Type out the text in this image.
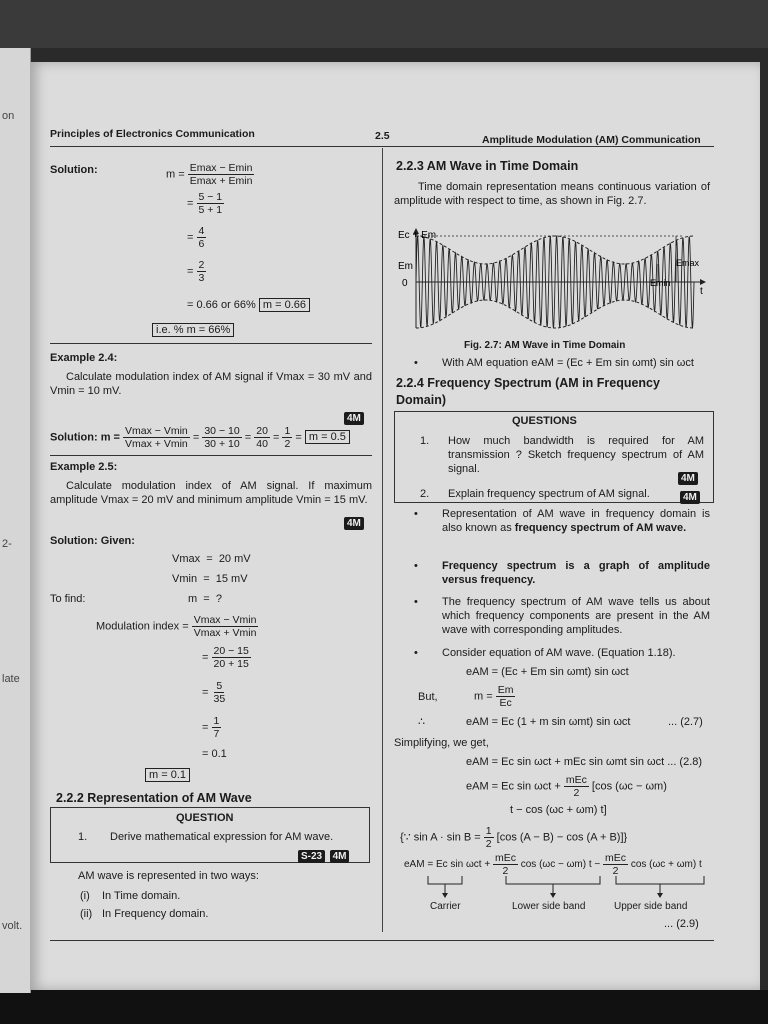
on
2-
late
volt.
Principles of Electronics Communication	2.5	Amplitude Modulation (AM) Communication
Solution:	$m = \frac{Emax - Emin}{Emax + Emin}$
= $\frac{5 - 1}{5 + 1}$
= $\frac{4}{6}$
= $\frac{2}{3}$
= 0.66 or 66% m = 0.66
i.e. % m = 66%
Example 2.4:
Calculate modulation index of AM signal if Vmax = 30 mV and Vmin = 10 mV.
4M
Solution: $m = \frac{Vmax - Vmin}{Vmax + Vmin} = \frac{30 - 10}{30 + 10} = \frac{20}{40} = \frac{1}{2} = m = 0.5$
Example 2.5:
Calculate modulation index of AM signal. If maximum amplitude Vmax = 20 mV and minimum amplitude Vmin = 15 mV.
4M
Solution: Given:
Vmax = 20 mV
Vmin = 15 mV
To find:	m = ?
Modulation index = $\frac{Vmax - Vmin}{Vmax + Vmin}$
= $\frac{20 - 15}{20 + 15}$
= $\frac{5}{35}$
= $\frac{1}{7}$
= 0.1
m = 0.1
2.2.2 Representation of AM Wave
QUESTION
1. Derive mathematical expression for AM wave.
S-23 4M
AM wave is represented in two ways:
(i) In Time domain.
(ii) In Frequency domain.
2.2.3 AM Wave in Time Domain
Time domain representation means continuous variation of amplitude with respect to time, as shown in Fig. 2.7.
Ec + Em
Em
0
Emax
Emin
t
Fig. 2.7: AM Wave in Time Domain
• With AM equation eAM = (Ec + Em sin ωmt) sin ωct
2.2.4 Frequency Spectrum (AM in Frequency Domain)
QUESTIONS
1. How much bandwidth is required for AM transmission ? Sketch frequency spectrum of AM signal.
4M
2. Explain frequency spectrum of AM signal.	4M
• Representation of AM wave in frequency domain is also known as frequency spectrum of AM wave.
• Frequency spectrum is a graph of amplitude versus frequency.
• The frequency spectrum of AM wave tells us about which frequency components are present in the AM wave with corresponding amplitudes.
• Consider equation of AM wave. (Equation 1.18).
eAM = (Ec + Em sin ωmt) sin ωct
But,	$m = \frac{Em}{Ec}$
∴	eAM = Ec (1 + m sin ωmt) sin ωct	... (2.7)
Simplifying, we get,
eAM = Ec sin ωct + mEc sin ωmt sin ωct ... (2.8)
eAM = Ec $\sin \omega ct + \frac{\text{mEc}}{2} [\cos$ (ωc − ωm)
t − cos (ωc + ωm) t]
{∵ $\sin A \cdot \sin B = \frac{1}{2} [\cos$ (A − B) − cos (A + B)]}
eAM = Ec $\sin \omega ct + \frac{\text{mEc}}{2}$ cos (ωc − ωm) $t - \frac{\text{mEc}}{2}$ cos (ωc + ωm) t
Carrier	Lower side band	Upper side band
... (2.9)
